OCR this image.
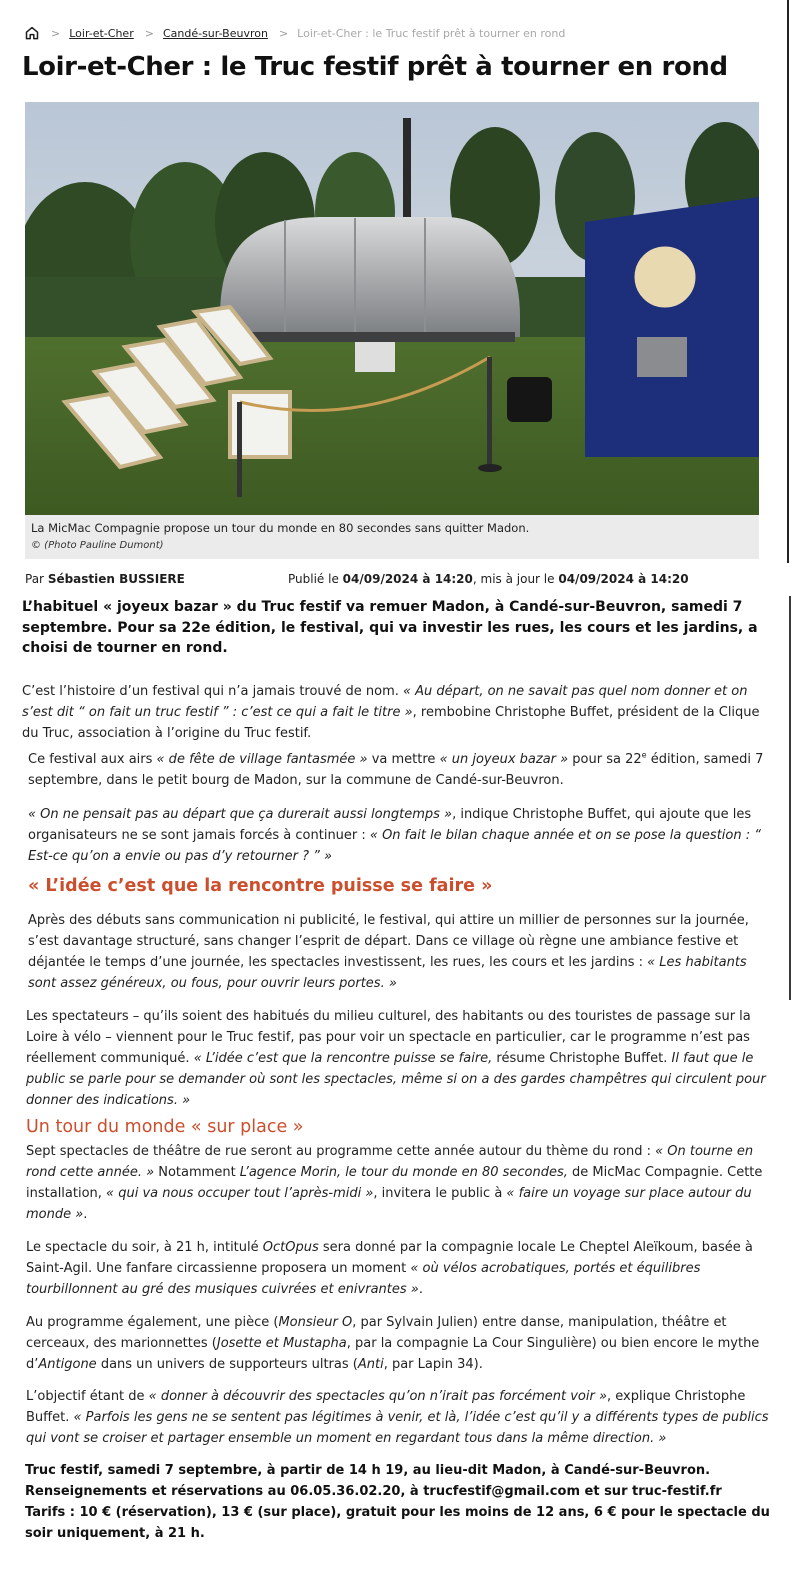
> Loir-et-Cher > Candé-sur-Beuvron > Loir-et-Cher : le Truc festif prêt à tourner en rond
Loir-et-Cher : le Truc festif prêt à tourner en rond
La MicMac Compagnie propose un tour du monde en 80 secondes sans quitter Madon.
© (Photo Pauline Dumont)
Par Sébastien BUSSIERE	Publié le 04/09/2024 à 14:20, mis à jour le 04/09/2024 à 14:20

L’habituel « joyeux bazar » du Truc festif va remuer Madon, à Candé-sur-Beuvron, samedi 7 septembre. Pour sa 22e édition, le festival, qui va investir les rues, les cours et les jardins, a choisi de tourner en rond.

C’est l’histoire d’un festival qui n’a jamais trouvé de nom. « Au départ, on ne savait pas quel nom donner et on s’est dit “ on fait un truc festif ” : c’est ce qui a fait le titre », rembobine Christophe Buffet, président de la Clique du Truc, association à l’origine du Truc festif.

Ce festival aux airs « de fête de village fantasmée » va mettre « un joyeux bazar » pour sa 22e édition, samedi 7 septembre, dans le petit bourg de Madon, sur la commune de Candé-sur-Beuvron.

« On ne pensait pas au départ que ça durerait aussi longtemps », indique Christophe Buffet, qui ajoute que les organisateurs ne se sont jamais forcés à continuer : « On fait le bilan chaque année et on se pose la question : “ Est-ce qu’on a envie ou pas d’y retourner ? ” »

« L’idée c’est que la rencontre puisse se faire »

Après des débuts sans communication ni publicité, le festival, qui attire un millier de personnes sur la journée, s’est davantage structuré, sans changer l’esprit de départ. Dans ce village où règne une ambiance festive et déjantée le temps d’une journée, les spectacles investissent, les rues, les cours et les jardins : « Les habitants sont assez généreux, ou fous, pour ouvrir leurs portes. »

Les spectateurs – qu’ils soient des habitués du milieu culturel, des habitants ou des touristes de passage sur la Loire à vélo – viennent pour le Truc festif, pas pour voir un spectacle en particulier, car le programme n’est pas réellement communiqué. « L’idée c’est que la rencontre puisse se faire, résume Christophe Buffet. Il faut que le public se parle pour se demander où sont les spectacles, même si on a des gardes champêtres qui circulent pour donner des indications. »

Un tour du monde « sur place »

Sept spectacles de théâtre de rue seront au programme cette année autour du thème du rond : « On tourne en rond cette année. » Notamment L’agence Morin, le tour du monde en 80 secondes, de MicMac Compagnie. Cette installation, « qui va nous occuper tout l’après-midi », invitera le public à « faire un voyage sur place autour du monde ».

Le spectacle du soir, à 21 h, intitulé OctOpus sera donné par la compagnie locale Le Cheptel Aleïkoum, basée à Saint-Agil. Une fanfare circassienne proposera un moment « où vélos acrobatiques, portés et équilibres tourbillonnent au gré des musiques cuivrées et enivrantes ».

Au programme également, une pièce (Monsieur O, par Sylvain Julien) entre danse, manipulation, théâtre et cerceaux, des marionnettes (Josette et Mustapha, par la compagnie La Cour Singulière) ou bien encore le mythe d’Antigone dans un univers de supporteurs ultras (Anti, par Lapin 34).

L’objectif étant de « donner à découvrir des spectacles qu’on n’irait pas forcément voir », explique Christophe Buffet. « Parfois les gens ne se sentent pas légitimes à venir, et là, l’idée c’est qu’il y a différents types de publics qui vont se croiser et partager ensemble un moment en regardant tous dans la même direction. »

Truc festif, samedi 7 septembre, à partir de 14 h 19, au lieu-dit Madon, à Candé-sur-Beuvron. Renseignements et réservations au 06.05.36.02.20, à trucfestif@gmail.com et sur truc-festif.fr

Tarifs : 10 € (réservation), 13 € (sur place), gratuit pour les moins de 12 ans, 6 € pour le spectacle du soir uniquement, à 21 h.
